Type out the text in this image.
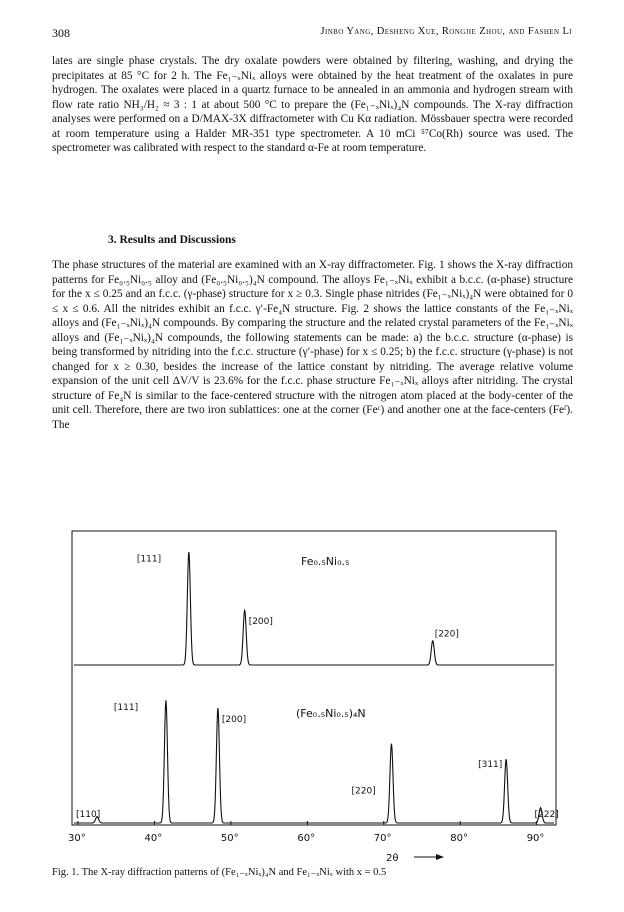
308	Jinbo Yang, Desheng Xue, Rongjie Zhou, and Fashen Li

lates are single phase crystals. The dry oxalate powders were obtained by filtering, washing, and drying the precipitates at 85 °C for 2 h. The Fe₁₋ₓNiₓ alloys were obtained by the heat treatment of the oxalates in pure hydrogen. The oxalates were placed in a quartz furnace to be annealed in an ammonia and hydrogen stream with flow rate ratio NH₃/H₂ ≈ 3 : 1 at about 500 °C to prepare the (Fe₁₋ₓNiₓ)₄N compounds. The X-ray diffraction analyses were performed on a D/MAX-3X diffractometer with Cu Kα radiation. Mössbauer spectra were recorded at room temperature using a Halder MR-351 type spectrometer. A 10 mCi ⁵⁷Co(Rh) source was used. The spectrometer was calibrated with respect to the standard α-Fe at room temperature.

3. Results and Discussions

The phase structures of the material are examined with an X-ray diffractometer. Fig. 1 shows the X-ray diffraction patterns for Fe₀.₅Ni₀.₅ alloy and (Fe₀.₅Ni₀.₅)₄N compound. The alloys Fe₁₋ₓNiₓ exhibit a b.c.c. (α-phase) structure for the x ≤ 0.25 and an f.c.c. (γ-phase) structure for x ≥ 0.3. Single phase nitrides (Fe₁₋ₓNiₓ)₄N were obtained for 0 ≤ x ≤ 0.6. All the nitrides exhibit an f.c.c. γ′-Fe₄N structure. Fig. 2 shows the lattice constants of the Fe₁₋ₓNiₓ alloys and (Fe₁₋ₓNiₓ)₄N compounds. By comparing the structure and the related crystal parameters of the Fe₁₋ₓNiₓ alloys and (Fe₁₋ₓNiₓ)₄N compounds, the following statements can be made: a) the b.c.c. structure (α-phase) is being transformed by nitriding into the f.c.c. structure (γ′-phase) for x ≤ 0.25; b) the f.c.c. structure (γ-phase) is not changed for x ≥ 0.30, besides the increase of the lattice constant by nitriding. The average relative volume expansion of the unit cell ΔV/V is 23.6% for the f.c.c. phase structure Fe₁₋ₓNiₓ alloys after nitriding. The crystal structure of Fe₄N is similar to the face-centered structure with the nitrogen atom placed at the body-center of the unit cell. Therefore, there are two iron sublattices: one at the corner (Feᶜ) and another one at the face-centers (Feᶠ). The

[111]
[200]
[220]
[110]
[111]
[200]
[220]
[311]
[222]
30°	40°	50°	60°	70°	80°	90°
Fe₀.₅Ni₀.₅
(Fe₀.₅Ni₀.₅)₄N
2θ

Fig. 1. The X-ray diffraction patterns of (Fe₁₋ₓNiₓ)₄N and Fe₁₋ₓNiₓ with x = 0.5
